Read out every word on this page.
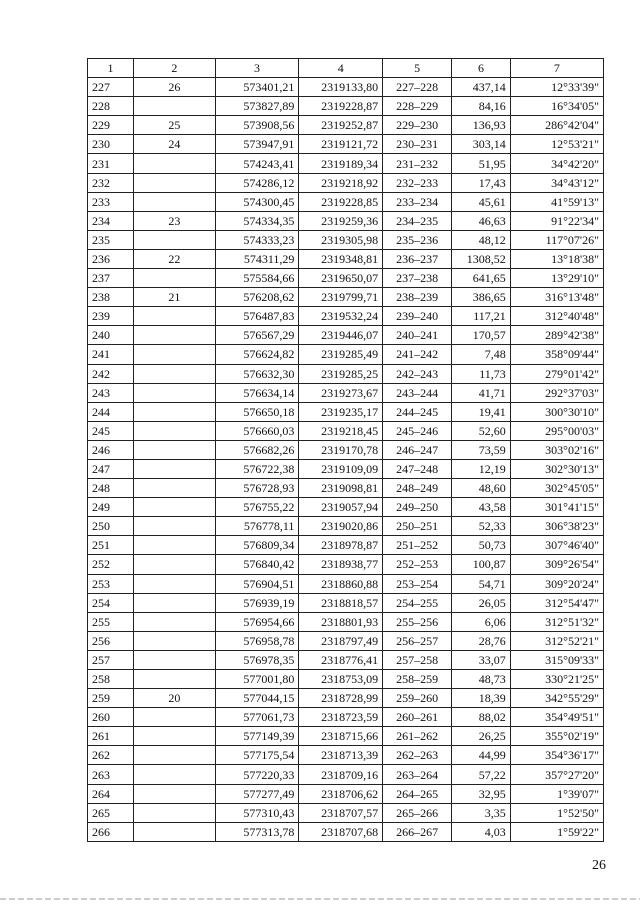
1	2	3	4	5	6	7
227	26	573401,21	2319133,80	227–228	437,14	12°33'39"
228		573827,89	2319228,87	228–229	84,16	16°34'05"
229	25	573908,56	2319252,87	229–230	136,93	286°42'04"
230	24	573947,91	2319121,72	230–231	303,14	12°53'21"
231		574243,41	2319189,34	231–232	51,95	34°42'20"
232		574286,12	2319218,92	232–233	17,43	34°43'12"
233		574300,45	2319228,85	233–234	45,61	41°59'13"
234	23	574334,35	2319259,36	234–235	46,63	91°22'34"
235		574333,23	2319305,98	235–236	48,12	117°07'26"
236	22	574311,29	2319348,81	236–237	1308,52	13°18'38"
237		575584,66	2319650,07	237–238	641,65	13°29'10"
238	21	576208,62	2319799,71	238–239	386,65	316°13'48"
239		576487,83	2319532,24	239–240	117,21	312°40'48"
240		576567,29	2319446,07	240–241	170,57	289°42'38"
241		576624,82	2319285,49	241–242	7,48	358°09'44"
242		576632,30	2319285,25	242–243	11,73	279°01'42"
243		576634,14	2319273,67	243–244	41,71	292°37'03"
244		576650,18	2319235,17	244–245	19,41	300°30'10"
245		576660,03	2319218,45	245–246	52,60	295°00'03"
246		576682,26	2319170,78	246–247	73,59	303°02'16"
247		576722,38	2319109,09	247–248	12,19	302°30'13"
248		576728,93	2319098,81	248–249	48,60	302°45'05"
249		576755,22	2319057,94	249–250	43,58	301°41'15"
250		576778,11	2319020,86	250–251	52,33	306°38'23"
251		576809,34	2318978,87	251–252	50,73	307°46'40"
252		576840,42	2318938,77	252–253	100,87	309°26'54"
253		576904,51	2318860,88	253–254	54,71	309°20'24"
254		576939,19	2318818,57	254–255	26,05	312°54'47"
255		576954,66	2318801,93	255–256	6,06	312°51'32"
256		576958,78	2318797,49	256–257	28,76	312°52'21"
257		576978,35	2318776,41	257–258	33,07	315°09'33"
258		577001,80	2318753,09	258–259	48,73	330°21'25"
259	20	577044,15	2318728,99	259–260	18,39	342°55'29"
260		577061,73	2318723,59	260–261	88,02	354°49'51"
261		577149,39	2318715,66	261–262	26,25	355°02'19"
262		577175,54	2318713,39	262–263	44,99	354°36'17"
263		577220,33	2318709,16	263–264	57,22	357°27'20"
264		577277,49	2318706,62	264–265	32,95	1°39'07"
265		577310,43	2318707,57	265–266	3,35	1°52'50"
266		577313,78	2318707,68	266–267	4,03	1°59'22"
26
